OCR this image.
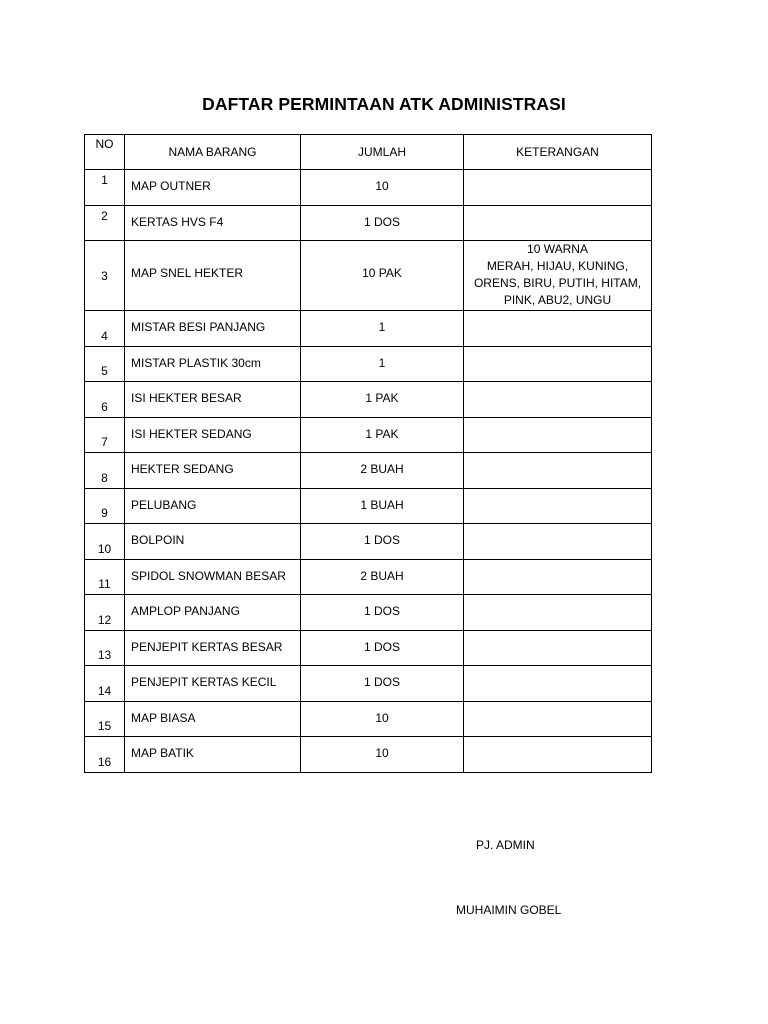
DAFTAR PERMINTAAN ATK ADMINISTRASI
NO	NAMA BARANG	JUMLAH	KETERANGAN
1	MAP OUTNER	10	
2	KERTAS HVS F4	1 DOS	
3	MAP SNEL HEKTER	10 PAK	10 WARNA
MERAH, HIJAU, KUNING,
ORENS, BIRU, PUTIH, HITAM,
PINK, ABU2, UNGU

4	MISTAR BESI PANJANG	1	
5	MISTAR PLASTIK 30cm	1	
6	ISI HEKTER BESAR	1 PAK	
7	ISI HEKTER SEDANG	1 PAK	
8	HEKTER SEDANG	2 BUAH	
9	PELUBANG	1 BUAH	
10	BOLPOIN	1 DOS	
11	SPIDOL SNOWMAN BESAR	2 BUAH	
12	AMPLOP PANJANG	1 DOS	
13	PENJEPIT KERTAS BESAR	1 DOS	
14	PENJEPIT KERTAS KECIL	1 DOS	
15	MAP BIASA	10	
16	MAP BATIK	10	
PJ. ADMIN
MUHAIMIN GOBEL
